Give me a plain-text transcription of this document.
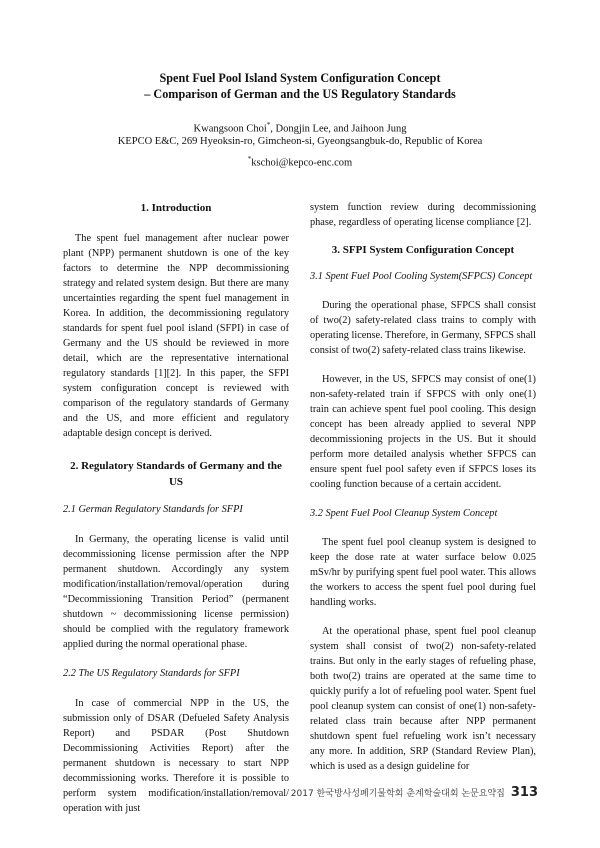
Spent Fuel Pool Island System Configuration Concept
– Comparison of German and the US Regulatory Standards
Kwangsoon Choi*, Dongjin Lee, and Jaihoon Jung
KEPCO E&C, 269 Hyeoksin-ro, Gimcheon-si, Gyeongsangbuk-do, Republic of Korea
*kschoi@kepco-enc.com
1. Introduction

The spent fuel management after nuclear power plant (NPP) permanent shutdown is one of the key factors to determine the NPP decommissioning strategy and related system design. But there are many uncertainties regarding the spent fuel management in Korea. In addition, the decommissioning regulatory standards for spent fuel pool island (SFPI) in case of Germany and the US should be reviewed in more detail, which are the representative international regulatory standards [1][2]. In this paper, the SFPI system configuration concept is reviewed with comparison of the regulatory standards of Germany and the US, and more efficient and regulatory adaptable design concept is derived.

2. Regulatory Standards of Germany and the US
2.1 German Regulatory Standards for SFPI

In Germany, the operating license is valid until decommissioning license permission after the NPP permanent shutdown. Accordingly any system modification/installation/removal/operation during “Decommissioning Transition Period” (permanent shutdown ~ decommissioning license permission) should be complied with the regulatory framework applied during the normal operational phase.

2.2 The US Regulatory Standards for SFPI

In case of commercial NPP in the US, the submission only of DSAR (Defueled Safety Analysis Report) and PSDAR (Post Shutdown Decommissioning Activities Report) after the permanent shutdown is necessary to start NPP decommissioning works. Therefore it is possible to perform system modification/installation/removal/ operation with just

system function review during decommissioning phase, regardless of operating license compliance [2].

3. SFPI System Configuration Concept
3.1 Spent Fuel Pool Cooling System(SFPCS) Concept

During the operational phase, SFPCS shall consist of two(2) safety-related class trains to comply with operating license. Therefore, in Germany, SFPCS shall consist of two(2) safety-related class trains likewise.

However, in the US, SFPCS may consist of one(1) non-safety-related train if SFPCS with only one(1) train can achieve spent fuel pool cooling. This design concept has been already applied to several NPP decommissioning projects in the US. But it should perform more detailed analysis whether SFPCS can ensure spent fuel pool safety even if SFPCS loses its cooling function because of a certain accident.

3.2 Spent Fuel Pool Cleanup System Concept

The spent fuel pool cleanup system is designed to keep the dose rate at water surface below 0.025 mSv/hr by purifying spent fuel pool water. This allows the workers to access the spent fuel pool during fuel handling works.

At the operational phase, spent fuel pool cleanup system shall consist of two(2) non-safety-related trains. But only in the early stages of refueling phase, both two(2) trains are operated at the same time to quickly purify a lot of refueling pool water. Spent fuel pool cleanup system can consist of one(1) non-safety-related class train because after NPP permanent shutdown spent fuel refueling work isn’t necessary any more. In addition, SRP (Standard Review Plan), which is used as a design guideline for

2017 한국방사성폐기물학회 춘계학술대회 논문요약집 313
